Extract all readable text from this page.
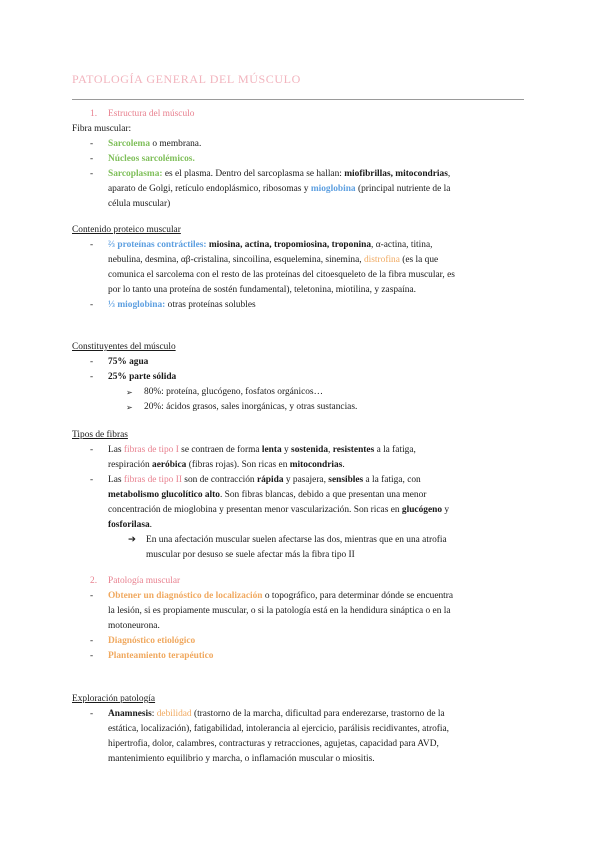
PATOLOGÍA GENERAL DEL MÚSCULO
1. Estructura del músculo
Fibra muscular:
- Sarcolema o membrana.
- Núcleos sarcolémicos.
- Sarcoplasma: es el plasma. Dentro del sarcoplasma se hallan: miofibrillas, mitocondrias,
aparato de Golgi, retículo endoplásmico, ribosomas y mioglobina (principal nutriente de la
célula muscular)
Contenido proteico muscular
- ⅔ proteínas contráctiles: miosina, actina, tropomiosina, troponina, α-actina, titina,
nebulina, desmina, αβ-cristalina, sincoilina, esquelemina, sinemina, distrofina (es la que
comunica el sarcolema con el resto de las proteínas del citoesqueleto de la fibra muscular, es
por lo tanto una proteína de sostén fundamental), teletonina, miotilina, y zaspaína.
- ⅓ mioglobina: otras proteínas solubles
Constituyentes del músculo
- 75% agua
- 25% parte sólida
➢ 80%: proteína, glucógeno, fosfatos orgánicos…
➢ 20%: ácidos grasos, sales inorgánicas, y otras sustancias.
Tipos de fibras
- Las fibras de tipo I se contraen de forma lenta y sostenida, resistentes a la fatiga,
respiración aeróbica (fibras rojas). Son ricas en mitocondrias.
- Las fibras de tipo II son de contracción rápida y pasajera, sensibles a la fatiga, con
metabolismo glucolítico alto. Son fibras blancas, debido a que presentan una menor
concentración de mioglobina y presentan menor vascularización. Son ricas en glucógeno y
fosforilasa.
➔ En una afectación muscular suelen afectarse las dos, mientras que en una atrofia
muscular por desuso se suele afectar más la fibra tipo II
2. Patología muscular
- Obtener un diagnóstico de localización o topográfico, para determinar dónde se encuentra
la lesión, si es propiamente muscular, o si la patología está en la hendidura sináptica o en la
motoneurona.
- Diagnóstico etiológico
- Planteamiento terapéutico
Exploración patología
- Anamnesis: debilidad (trastorno de la marcha, dificultad para enderezarse, trastorno de la
estática, localización), fatigabilidad, intolerancia al ejercicio, parálisis recidivantes, atrofia,
hipertrofia, dolor, calambres, contracturas y retracciones, agujetas, capacidad para AVD,
mantenimiento equilibrio y marcha, o inflamación muscular o miositis.
